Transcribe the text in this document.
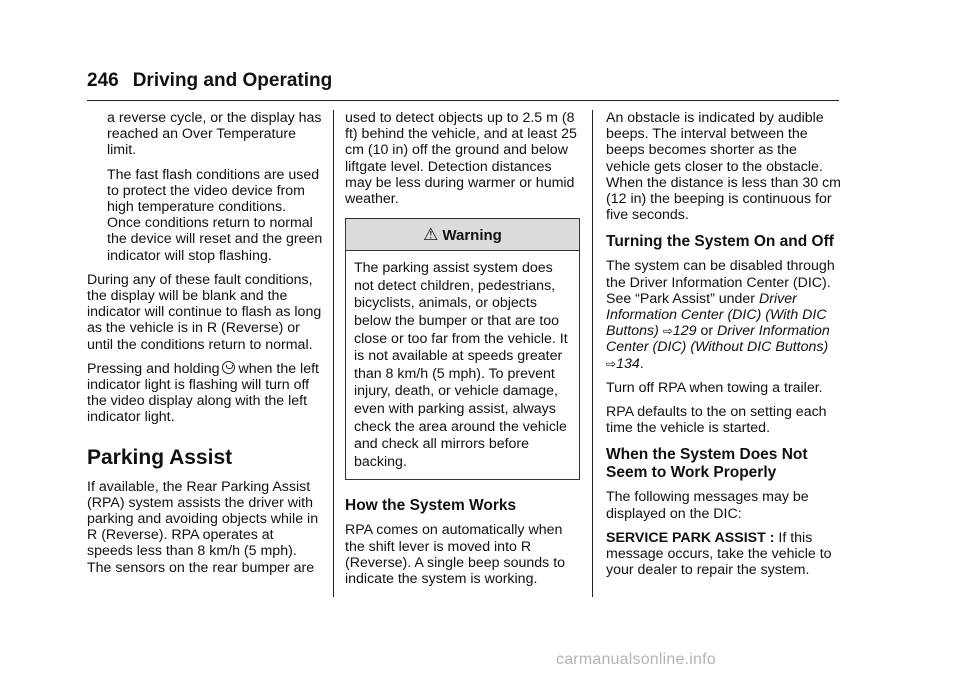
246 Driving and Operating

a reverse cycle, or the display has reached an Over Temperature limit.

The fast flash conditions are used to protect the video device from high temperature conditions. Once conditions return to normal the device will reset and the green indicator will stop flashing.

During any of these fault conditions, the display will be blank and the indicator will continue to flash as long as the vehicle is in R (Reverse) or until the conditions return to normal.

Pressing and holding when the left indicator light is flashing will turn off the video display along with the left indicator light.

Parking Assist

If available, the Rear Parking Assist (RPA) system assists the driver with parking and avoiding objects while in R (Reverse). RPA operates at speeds less than 8 km/h (5 mph). The sensors on the rear bumper are

used to detect objects up to 2.5 m (8 ft) behind the vehicle, and at least 25 cm (10 in) off the ground and below liftgate level. Detection distances may be less during warmer or humid weather.

⚠ Warning
The parking assist system does not detect children, pedestrians, bicyclists, animals, or objects below the bumper or that are too close or too far from the vehicle. It is not available at speeds greater than 8 km/h (5 mph). To prevent injury, death, or vehicle damage, even with parking assist, always check the area around the vehicle and check all mirrors before backing.
How the System Works

RPA comes on automatically when the shift lever is moved into R (Reverse). A single beep sounds to indicate the system is working.

An obstacle is indicated by audible beeps. The interval between the beeps becomes shorter as the vehicle gets closer to the obstacle. When the distance is less than 30 cm (12 in) the beeping is continuous for five seconds.

Turning the System On and Off

The system can be disabled through the Driver Information Center (DIC). See “Park Assist” under Driver Information Center (DIC) (With DIC Buttons) ⇨129 or Driver Information Center (DIC) (Without DIC Buttons) ⇨134.

Turn off RPA when towing a trailer.

RPA defaults to the on setting each time the vehicle is started.

When the System Does Not Seem to Work Properly

The following messages may be displayed on the DIC:

SERVICE PARK ASSIST : If this message occurs, take the vehicle to your dealer to repair the system.

carmanualsonline.info
